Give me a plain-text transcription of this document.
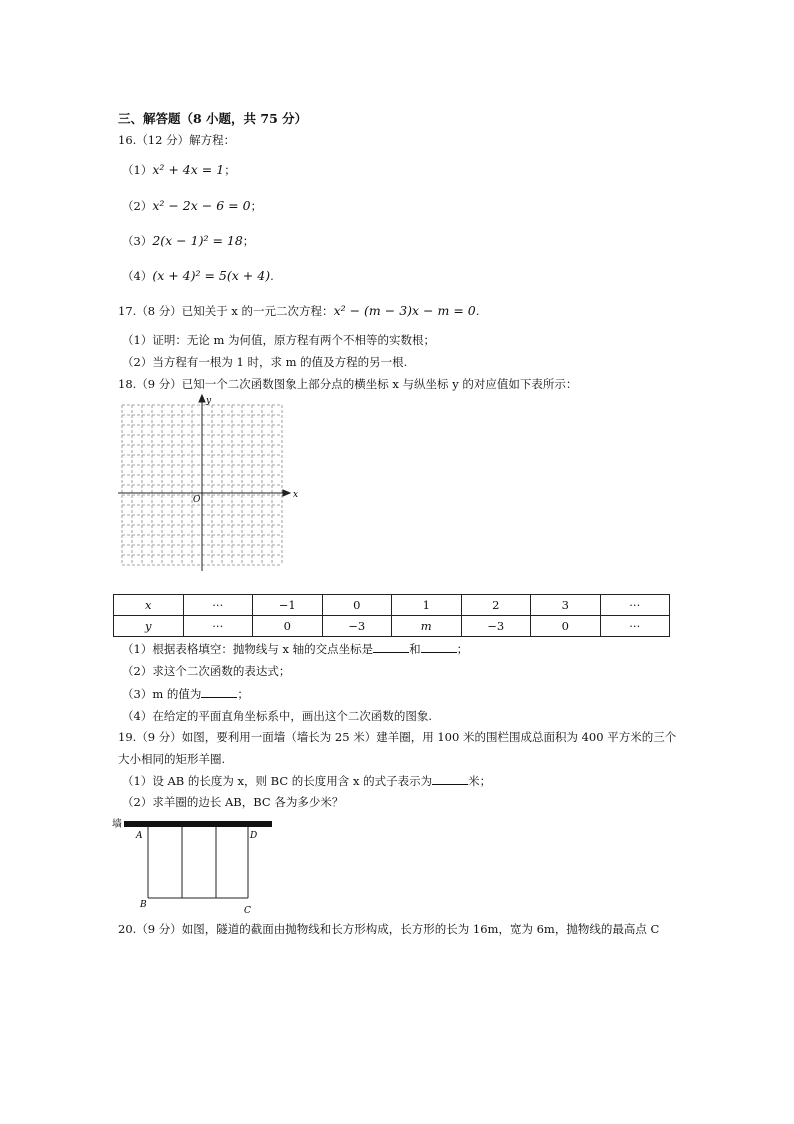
三、解答题（8 小题，共 75 分）
16.（12 分）解方程：
（1）x² + 4x = 1；
（2）x² − 2x − 6 = 0；
（3）2(x − 1)² = 18；
（4）(x + 4)² = 5(x + 4).
17.（8 分）已知关于 x 的一元二次方程：x² − (m − 3)x − m = 0.
（1）证明：无论 m 为何值，原方程有两个不相等的实数根；
（2）当方程有一根为 1 时，求 m 的值及方程的另一根.
18.（9 分）已知一个二次函数图象上部分点的横坐标 x 与纵坐标 y 的对应值如下表所示：
x
y
O
x	···	−1	0	1	2	3	···
y	···	0	−3	m	−3	0	···
（1）根据表格填空：抛物线与 x 轴的交点坐标是	和	；
（2）求这个二次函数的表达式；
（3）m 的值为	；
（4）在给定的平面直角坐标系中，画出这个二次函数的图象.
19.（9 分）如图，要利用一面墙（墙长为 25 米）建羊圈，用 100 米的围栏围成总面积为 400 平方米的三个
大小相同的矩形羊圈.
（1）设 AB 的长度为 x，则 BC 的长度用含 x 的式子表示为	米；
（2）求羊圈的边长 AB，BC 各为多少米？
墙
A	D
B
C
20.（9 分）如图，隧道的截面由抛物线和长方形构成，长方形的长为 16m，宽为 6m，抛物线的最高点 C
